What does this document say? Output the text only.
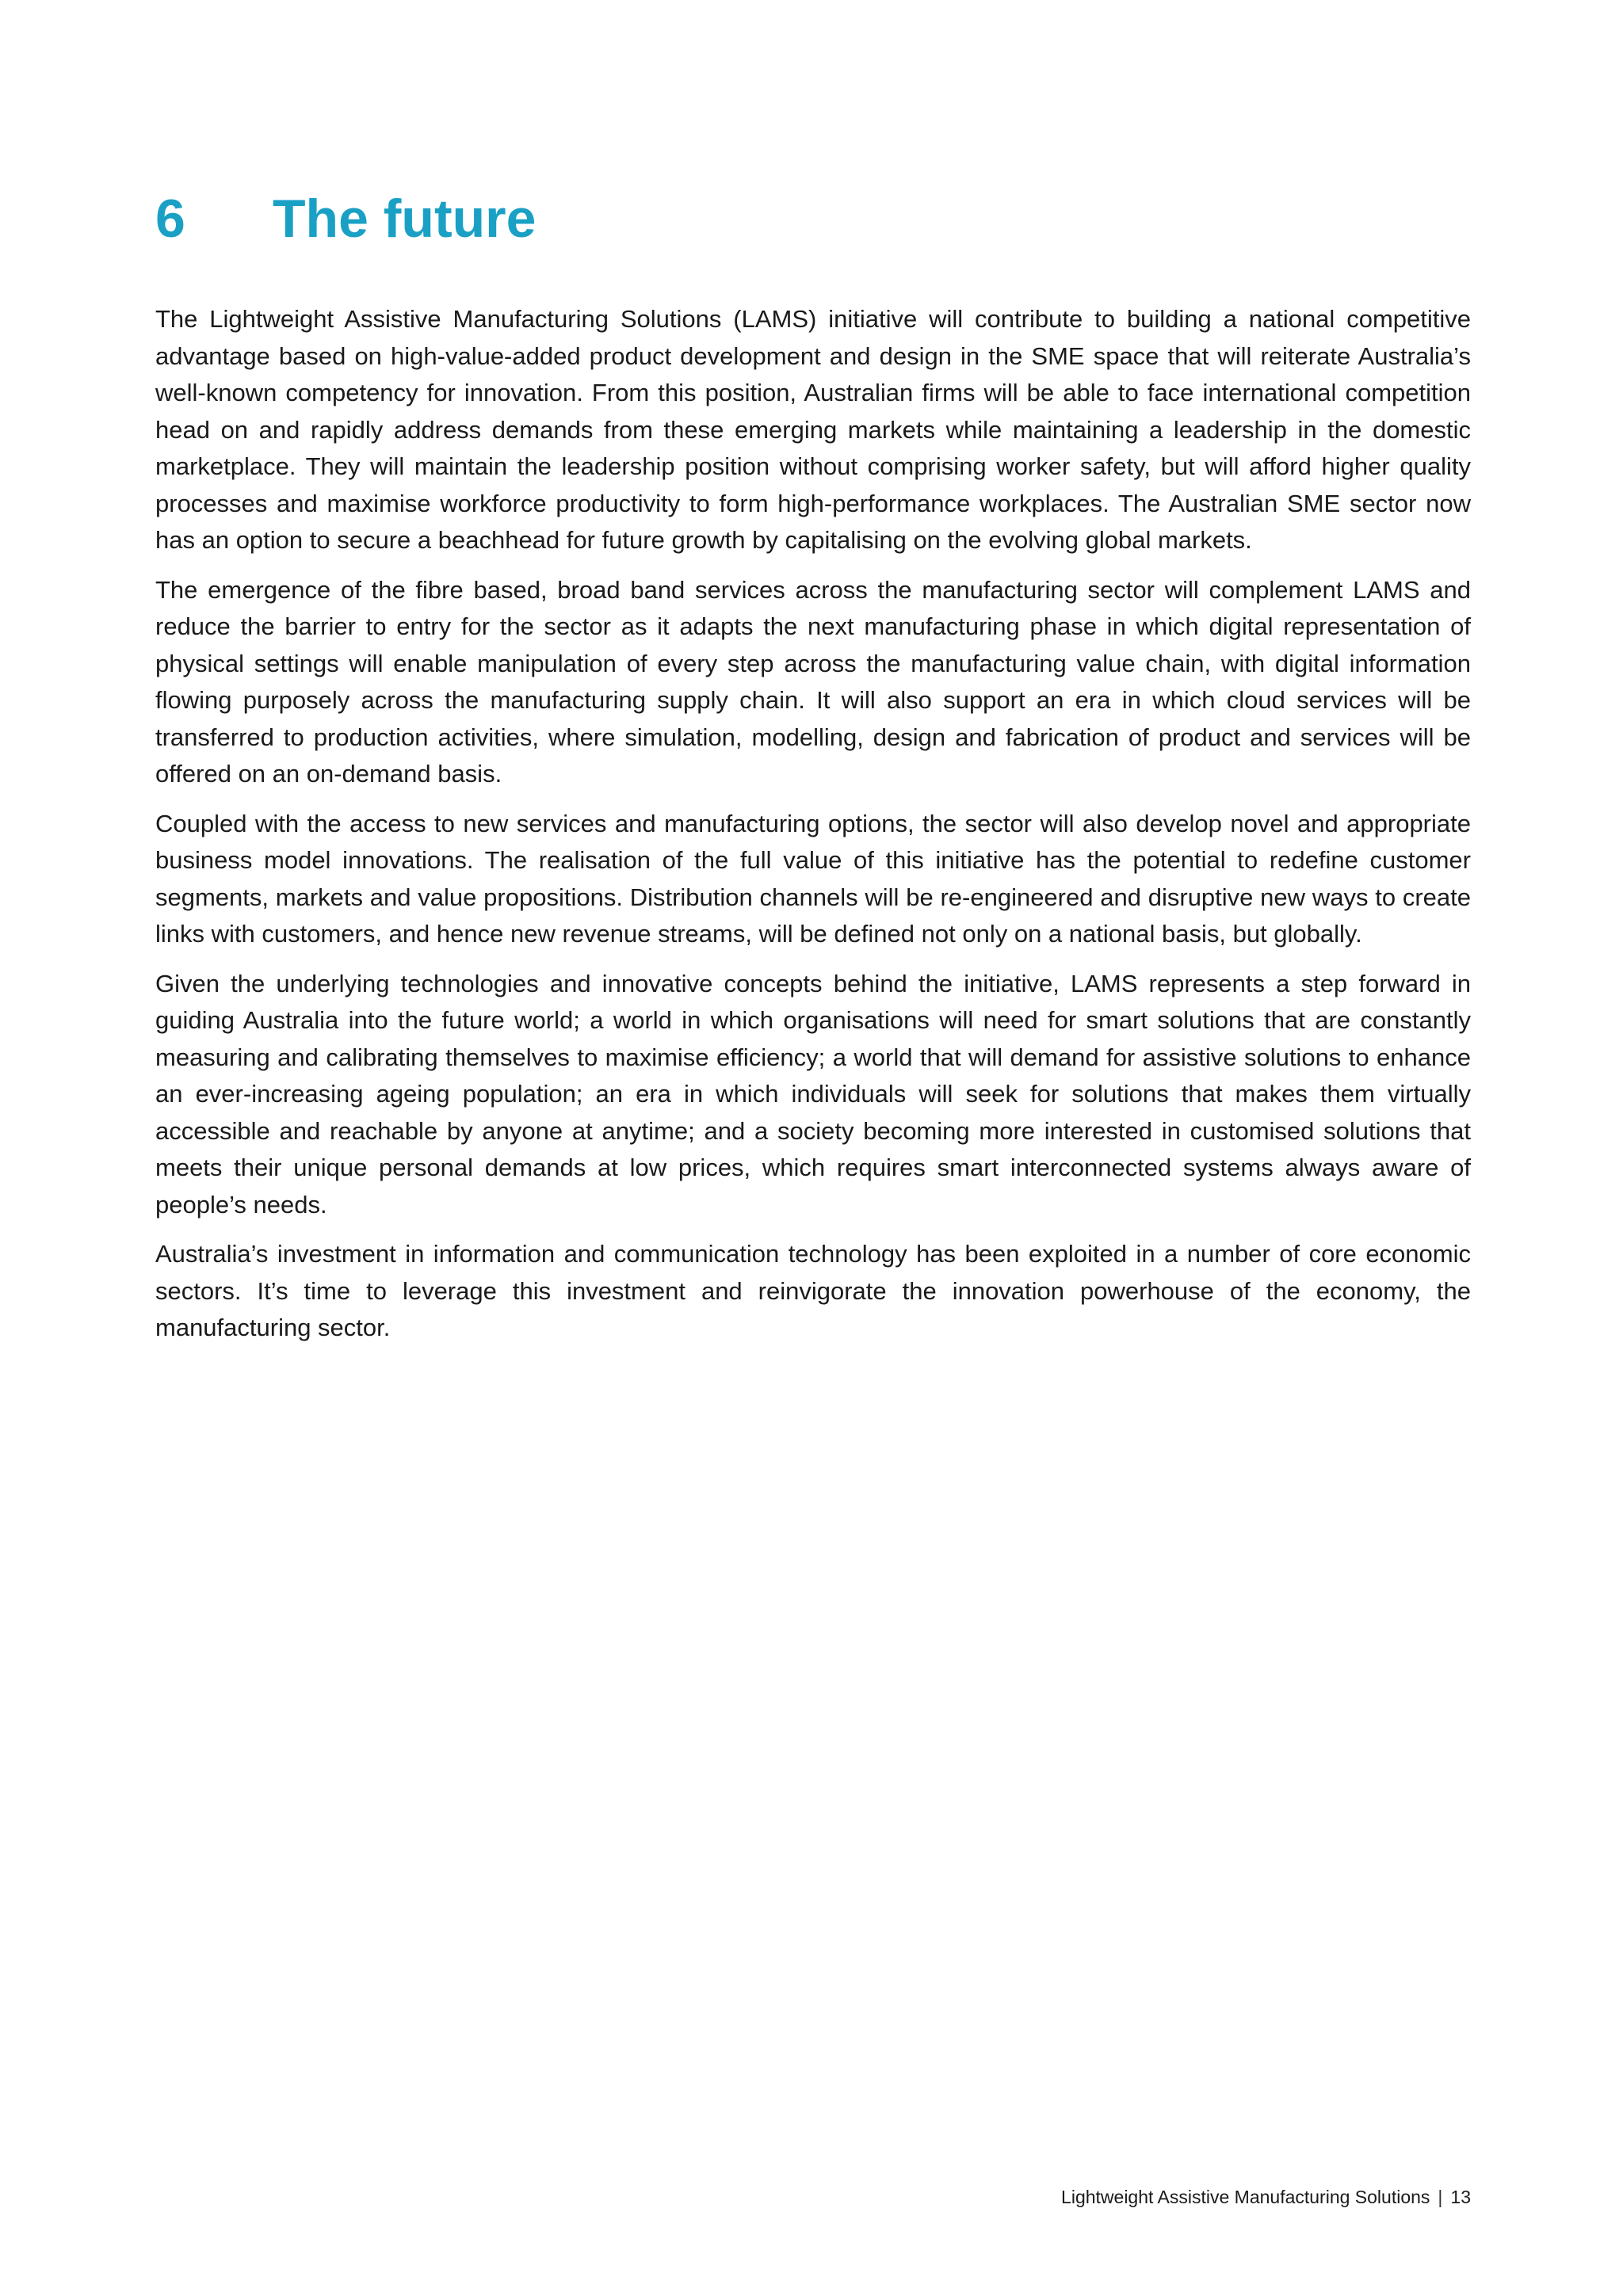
6	The future

The Lightweight Assistive Manufacturing Solutions (LAMS) initiative will contribute to building a national competitive advantage based on high-value-added product development and design in the SME space that will reiterate Australia’s well-known competency for innovation. From this position, Australian firms will be able to face international competition head on and rapidly address demands from these emerging markets while maintaining a leadership in the domestic marketplace. They will maintain the leadership position without comprising worker safety, but will afford higher quality processes and maximise workforce productivity to form high-performance workplaces. The Australian SME sector now has an option to secure a beachhead for future growth by capitalising on the evolving global markets.

The emergence of the fibre based, broad band services across the manufacturing sector will complement LAMS and reduce the barrier to entry for the sector as it adapts the next manufacturing phase in which digital representation of physical settings will enable manipulation of every step across the manufacturing value chain, with digital information flowing purposely across the manufacturing supply chain. It will also support an era in which cloud services will be transferred to production activities, where simulation, modelling, design and fabrication of product and services will be offered on an on-demand basis.

Coupled with the access to new services and manufacturing options, the sector will also develop novel and appropriate business model innovations. The realisation of the full value of this initiative has the potential to redefine customer segments, markets and value propositions. Distribution channels will be re-engineered and disruptive new ways to create links with customers, and hence new revenue streams, will be defined not only on a national basis, but globally.

Given the underlying technologies and innovative concepts behind the initiative, LAMS represents a step forward in guiding Australia into the future world; a world in which organisations will need for smart solutions that are constantly measuring and calibrating themselves to maximise efficiency; a world that will demand for assistive solutions to enhance an ever-increasing ageing population; an era in which individuals will seek for solutions that makes them virtually accessible and reachable by anyone at anytime; and a society becoming more interested in customised solutions that meets their unique personal demands at low prices, which requires smart interconnected systems always aware of people’s needs.

Australia’s investment in information and communication technology has been exploited in a number of core economic sectors. It’s time to leverage this investment and reinvigorate the innovation powerhouse of the economy, the manufacturing sector.

Lightweight Assistive Manufacturing Solutions | 13
